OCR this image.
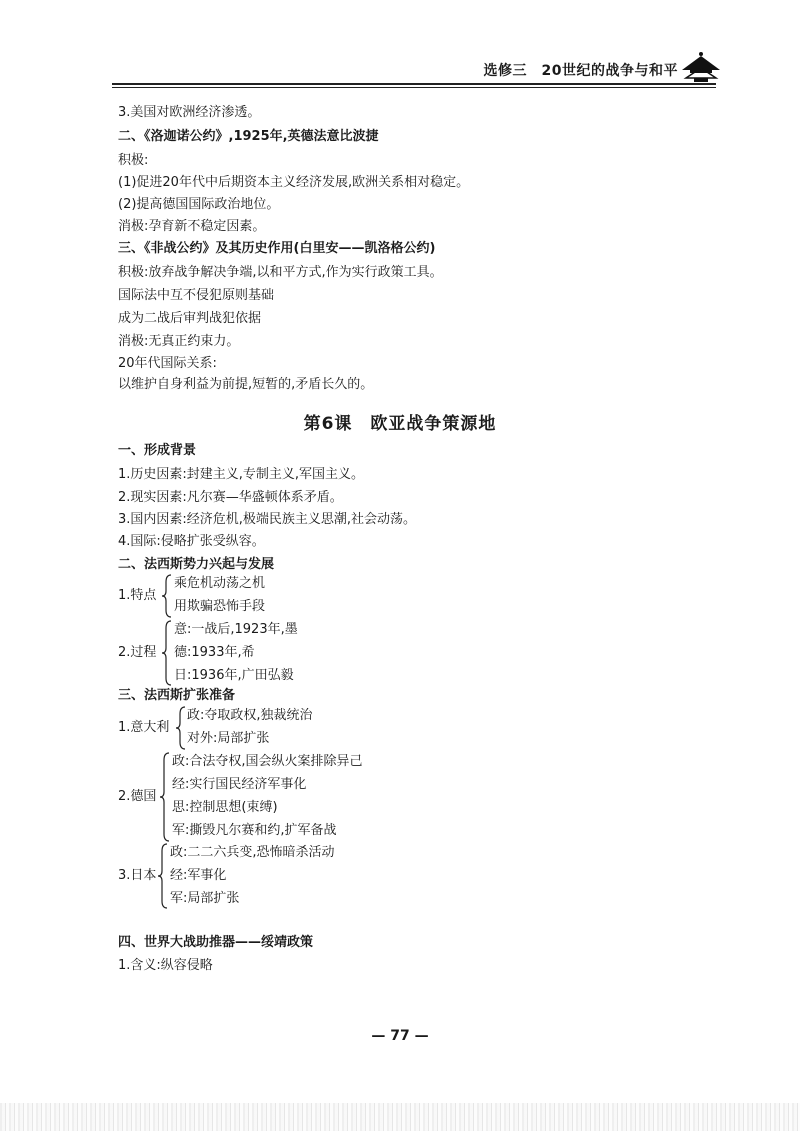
选修三　20世纪的战争与和平
3.美国对欧洲经济渗透。
二、《洛迦诺公约》,1925年,英德法意比波捷
积极:
(1)促进20年代中后期资本主义经济发展,欧洲关系相对稳定。
(2)提高德国国际政治地位。
消极:孕育新不稳定因素。
三、《非战公约》及其历史作用(白里安——凯洛格公约)
积极:放弃战争解决争端,以和平方式,作为实行政策工具。
国际法中互不侵犯原则基础
成为二战后审判战犯依据
消极:无真正约束力。
20年代国际关系:
以维护自身利益为前提,短暂的,矛盾长久的。
第6课　欧亚战争策源地
一、形成背景
1.历史因素:封建主义,专制主义,军国主义。
2.现实因素:凡尔赛—华盛顿体系矛盾。
3.国内因素:经济危机,极端民族主义思潮,社会动荡。
4.国际:侵略扩张受纵容。
二、法西斯势力兴起与发展
1.特点
乘危机动荡之机
用欺骗恐怖手段
2.过程
意:一战后,1923年,墨
德:1933年,希
日:1936年,广田弘毅
三、法西斯扩张准备
1.意大利
政:夺取政权,独裁统治
对外:局部扩张
2.德国
政:合法夺权,国会纵火案排除异己
经:实行国民经济军事化
思:控制思想(束缚)
军:撕毁凡尔赛和约,扩军备战
3.日本
政:二二六兵变,恐怖暗杀活动
经:军事化
军:局部扩张
四、世界大战助推器——绥靖政策
1.含义:纵容侵略
— 77 —
